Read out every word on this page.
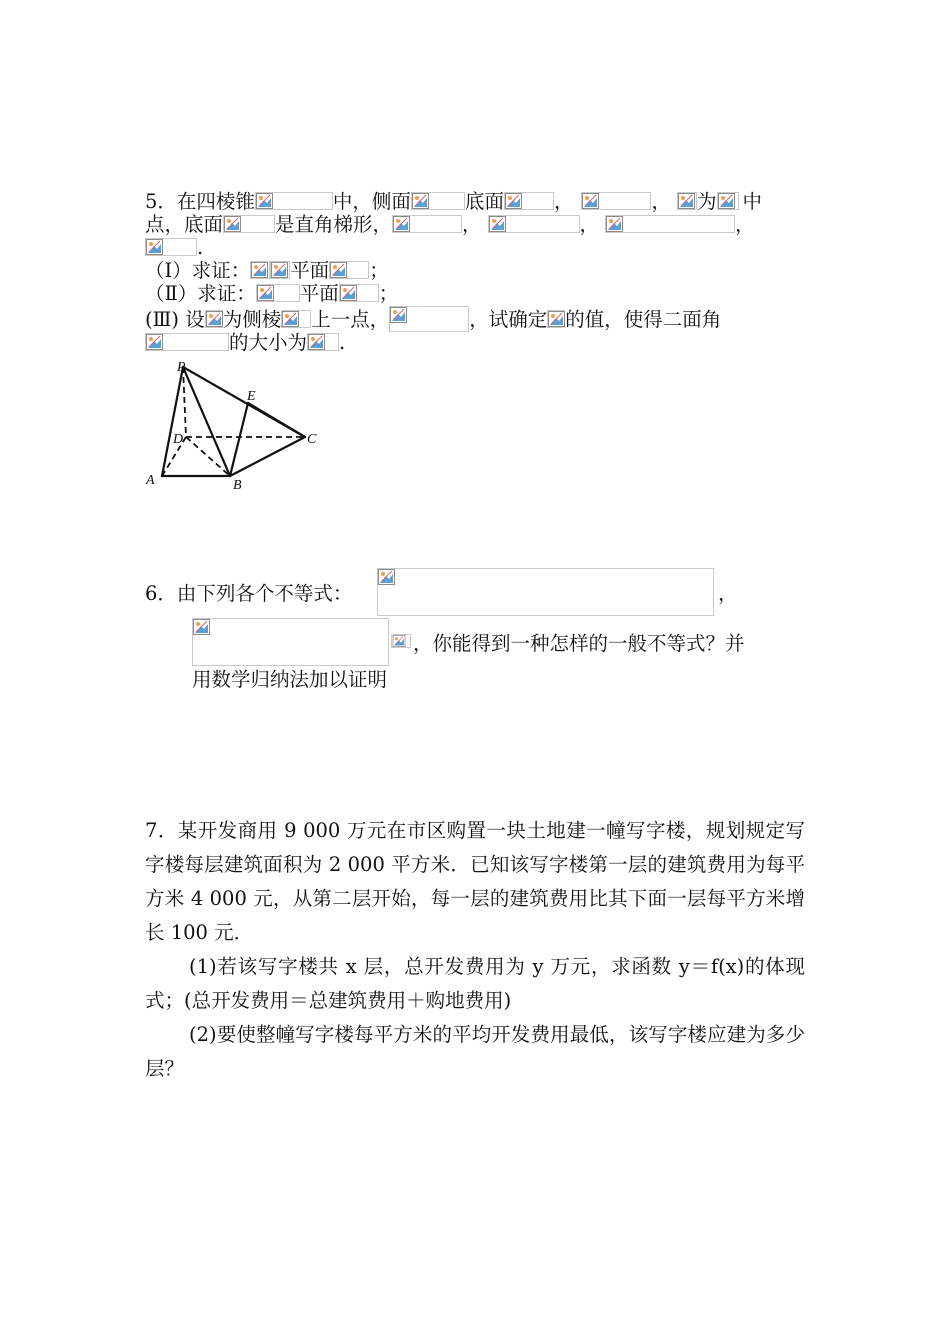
5．在四棱锥	中，侧面	底面	，	， 为 中
点，底面	是直角梯形，	，	，	，
.
（Ⅰ）求证： 平面 ；
（Ⅱ）求证： 平面 ；
(Ⅲ) 设 为侧棱 上一点，	，试确定 的值，使得二面角
的大小为 .
P
D	C
E
A	B
6．由下列各个不等式：	，
，你能得到一种怎样的一般不等式？并
用数学归纳法加以证明
7．某开发商用 9 000 万元在市区购置一块土地建一幢写字楼，规划规定写字楼每层建筑面积为 2 000 平方米．已知该写字楼第一层的建筑费用为每平方米 4 000 元，从第二层开始，每一层的建筑费用比其下面一层每平方米增长 100 元．
(1)若该写字楼共 x 层，总开发费用为 y 万元，求函数 y＝f(x)的体现式；(总开发费用＝总建筑费用＋购地费用)
(2)要使整幢写字楼每平方米的平均开发费用最低，该写字楼应建为多少层？
